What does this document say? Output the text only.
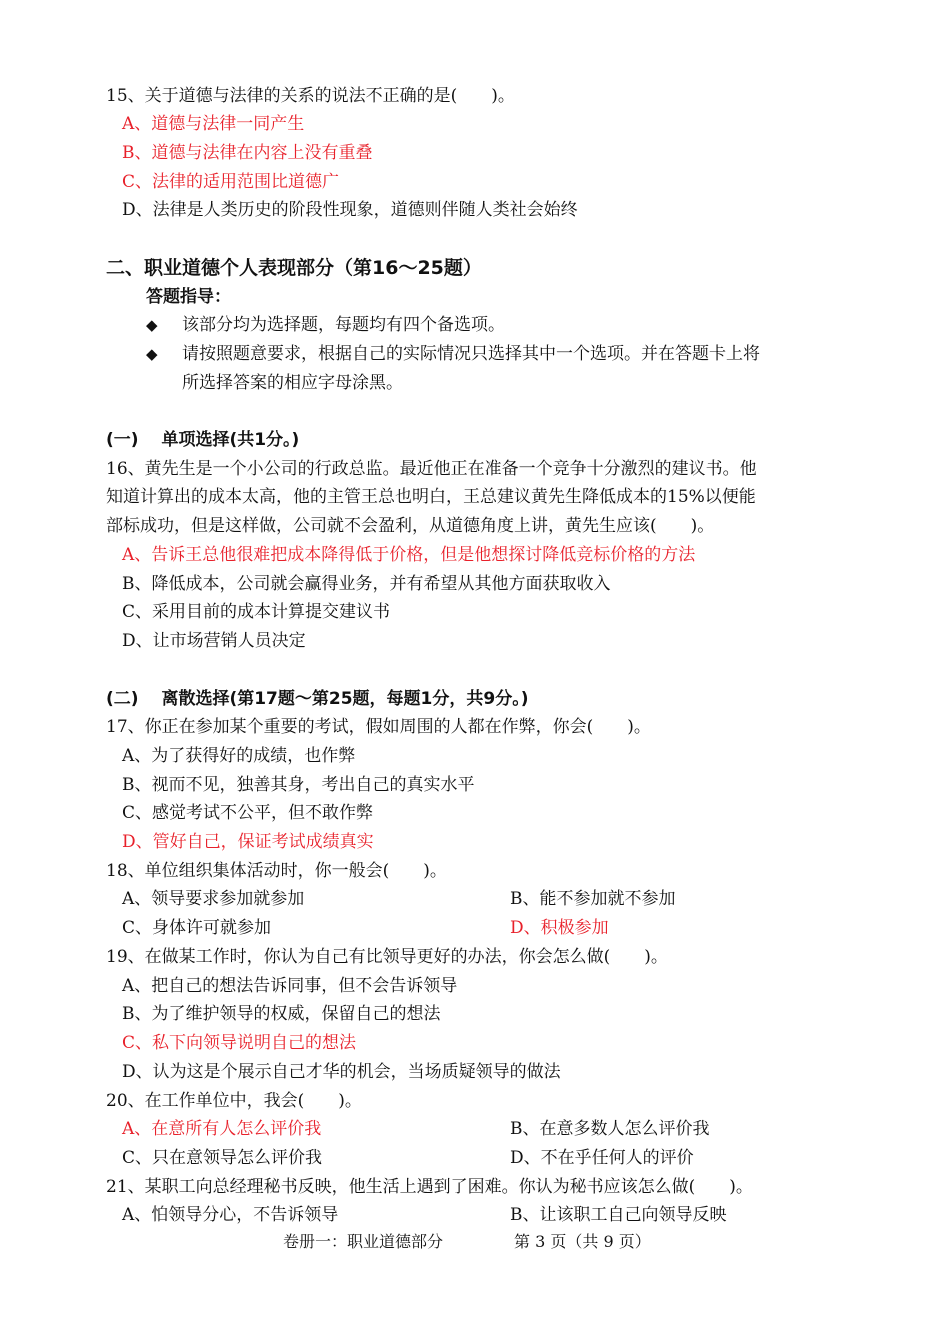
15、关于道德与法律的关系的说法不正确的是(　　)。
A、道德与法律一同产生
B、道德与法律在内容上没有重叠
C、法律的适用范围比道德广
D、法律是人类历史的阶段性现象，道德则伴随人类社会始终
二、职业道德个人表现部分（第16～25题）
答题指导：
◆ 该部分均为选择题，每题均有四个备选项。
◆ 请按照题意要求，根据自己的实际情况只选择其中一个选项。并在答题卡上将
所选择答案的相应字母涂黑。
(一)　 单项选择(共1分。)
16、黄先生是一个小公司的行政总监。最近他正在准备一个竞争十分激烈的建议书。他
知道计算出的成本太高，他的主管王总也明白，王总建议黄先生降低成本的15%以便能
部标成功，但是这样做，公司就不会盈利，从道德角度上讲，黄先生应该(　　)。
A、告诉王总他很难把成本降得低于价格，但是他想探讨降低竞标价格的方法
B、降低成本，公司就会赢得业务，并有希望从其他方面获取收入
C、采用目前的成本计算提交建议书
D、让市场营销人员决定
(二)　 离散选择(第17题～第25题，每题1分，共9分。)
17、你正在参加某个重要的考试，假如周围的人都在作弊，你会(　　)。
A、为了获得好的成绩，也作弊
B、视而不见，独善其身，考出自己的真实水平
C、感觉考试不公平，但不敢作弊
D、管好自己，保证考试成绩真实
18、单位组织集体活动时，你一般会(　　)。
A、领导要求参加就参加	B、能不参加就不参加
C、身体许可就参加	D、积极参加
19、在做某工作时，你认为自己有比领导更好的办法，你会怎么做(　　)。
A、把自己的想法告诉同事，但不会告诉领导
B、为了维护领导的权威，保留自己的想法
C、私下向领导说明自己的想法
D、认为这是个展示自己才华的机会，当场质疑领导的做法
20、在工作单位中，我会(　　)。
A、在意所有人怎么评价我	B、在意多数人怎么评价我
C、只在意领导怎么评价我	D、不在乎任何人的评价
21、某职工向总经理秘书反映，他生活上遇到了困难。你认为秘书应该怎么做(　　)。
A、怕领导分心，不告诉领导	B、让该职工自己向领导反映
卷册一：职业道德部分	第 3 页（共 9 页）
